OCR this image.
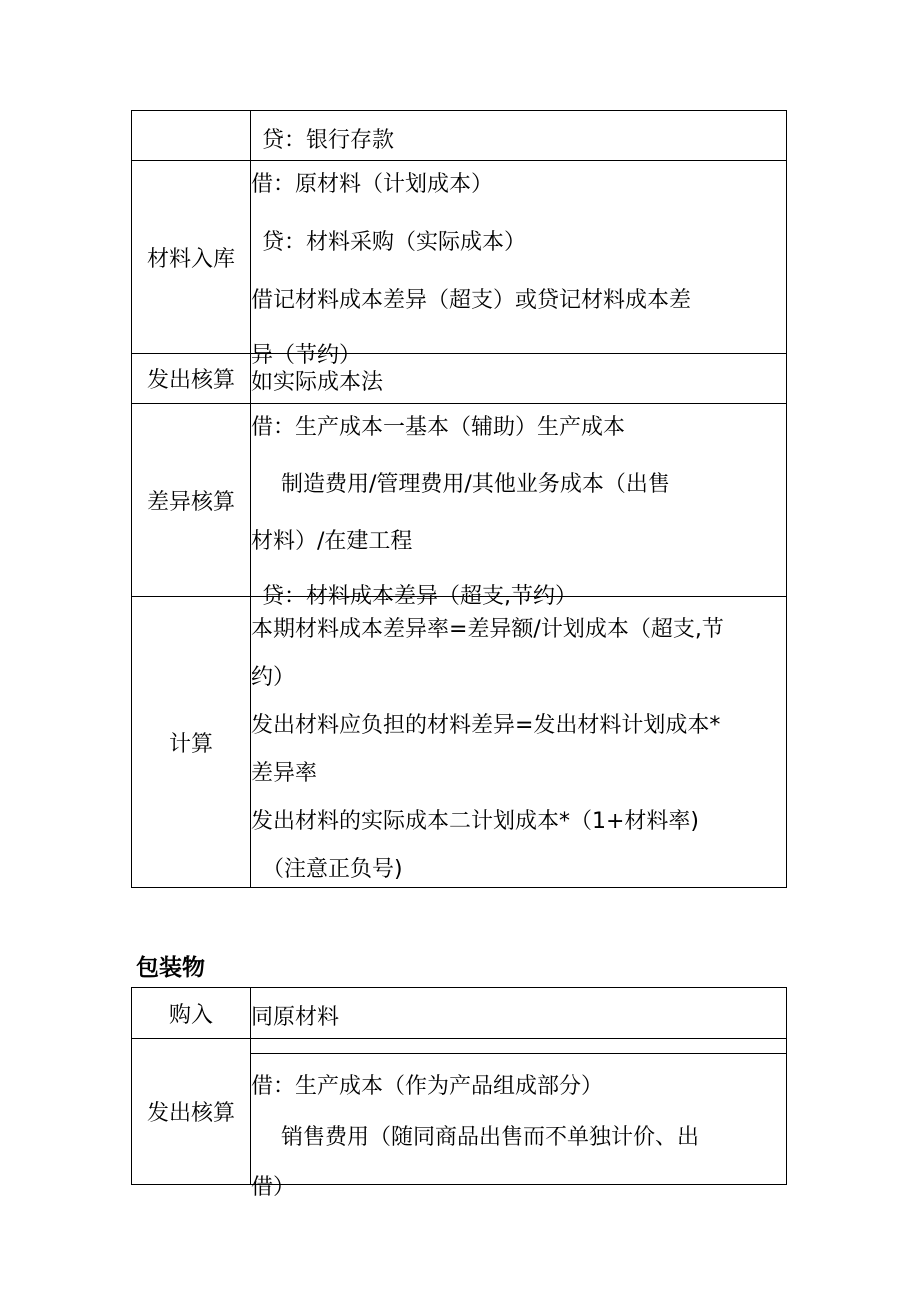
贷：银行存款
材料入库
借：原材料（计划成本）
贷：材料采购（实际成本）
借记材料成本差异（超支）或贷记材料成本差
异（节约）
发出核算 如实际成本法
差异核算
借：生产成本一基本（辅助）生产成本
制造费用/管理费用/其他业务成本（出售
材料）/在建工程
贷：材料成本差异（超支,节约）
计算
本期材料成本差异率=差异额/计划成本（超支,节
约）
发出材料应负担的材料差异=发出材料计划成本*
差异率
发出材料的实际成本二计划成本*（1+材料率)
（注意正负号)
包装物
购入	同原材料
发出核算
借：生产成本（作为产品组成部分）
销售费用（随同商品出售而不单独计价、出
借）
